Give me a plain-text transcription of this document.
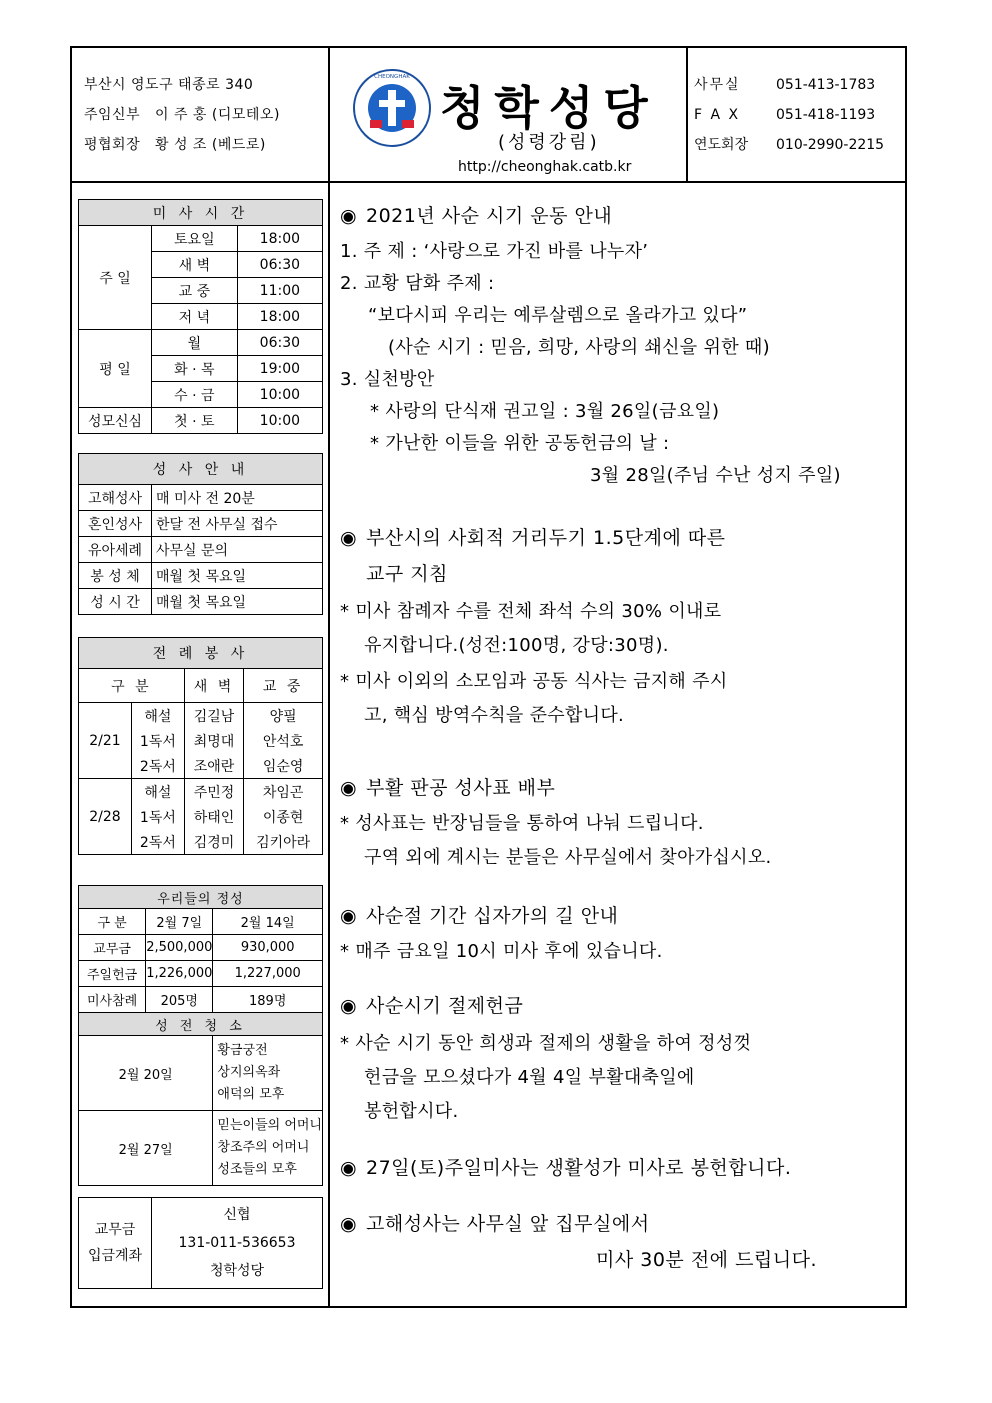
부산시 영도구 태종로 340
주임신부 이 주 홍 (디모테오)
평협회장 황 성 조 (베드로)
CHEONGHAK
청학성당
(성령강림)
http://cheonghak.catb.kr
사무실	051-413-1783
F A X	051-418-1193
연도회장	010-2990-2215
미 사 시 간		
주 일	토요일	18:00
	새 벽	06:30
	교 중	11:00
	저 녁	18:00
평 일	월	06:30
	화 · 목	19:00
	수 · 금	10:00
성모신심	첫 · 토	10:00
성 사 안 내	
고해성사	매 미사 전 20분
혼인성사	한달 전 사무실 접수
유아세례	사무실 문의
봉 성 체	매월 첫 목요일
성 시 간	매월 첫 목요일
전 례 봉 사			
구 분		새 벽	교 중
2/21	해설	김길남	양필
	1독서	최명대	안석호
	2독서	조애란	임순영
2/28	해설	주민정	차임곤
	1독서	하태인	이종현
	2독서	김경미	김키아라
우리들의 정성		
구 분	2월 7일	2월 14일
교무금	2,500,000	930,000
주일헌금	1,226,000	1,227,000
미사참례	205명	189명
성 전 청 소		
2월 20일		황금궁전
상지의옥좌
애덕의 모후

2월 27일		믿는이들의 어머니
창조주의 어머니
성조들의 모후
교무금
입금계좌

신협
131-011-536653
청학성당
◉ 2021년 사순 시기 운동 안내
1. 주 제 : ‘사랑으로 가진 바를 나누자’
2. 교황 담화 주제 :
“보다시피 우리는 예루살렘으로 올라가고 있다”
(사순 시기 : 믿음, 희망, 사랑의 쇄신을 위한 때)
3. 실천방안
* 사랑의 단식재 권고일 : 3월 26일(금요일)
* 가난한 이들을 위한 공동헌금의 날 :
3월 28일(주님 수난 성지 주일)
◉ 부산시의 사회적 거리두기 1.5단계에 따른
교구 지침
* 미사 참례자 수를 전체 좌석 수의 30% 이내로
유지합니다.(성전:100명, 강당:30명).
* 미사 이외의 소모임과 공동 식사는 금지해 주시
고, 핵심 방역수칙을 준수합니다.
◉ 부활 판공 성사표 배부
* 성사표는 반장님들을 통하여 나눠 드립니다.
구역 외에 계시는 분들은 사무실에서 찾아가십시오.
◉ 사순절 기간 십자가의 길 안내
* 매주 금요일 10시 미사 후에 있습니다.
◉ 사순시기 절제헌금
* 사순 시기 동안 희생과 절제의 생활을 하여 정성껏
헌금을 모으셨다가 4월 4일 부활대축일에
봉헌합시다.
◉ 27일(토)주일미사는 생활성가 미사로 봉헌합니다.
◉ 고해성사는 사무실 앞 집무실에서
미사 30분 전에 드립니다.
